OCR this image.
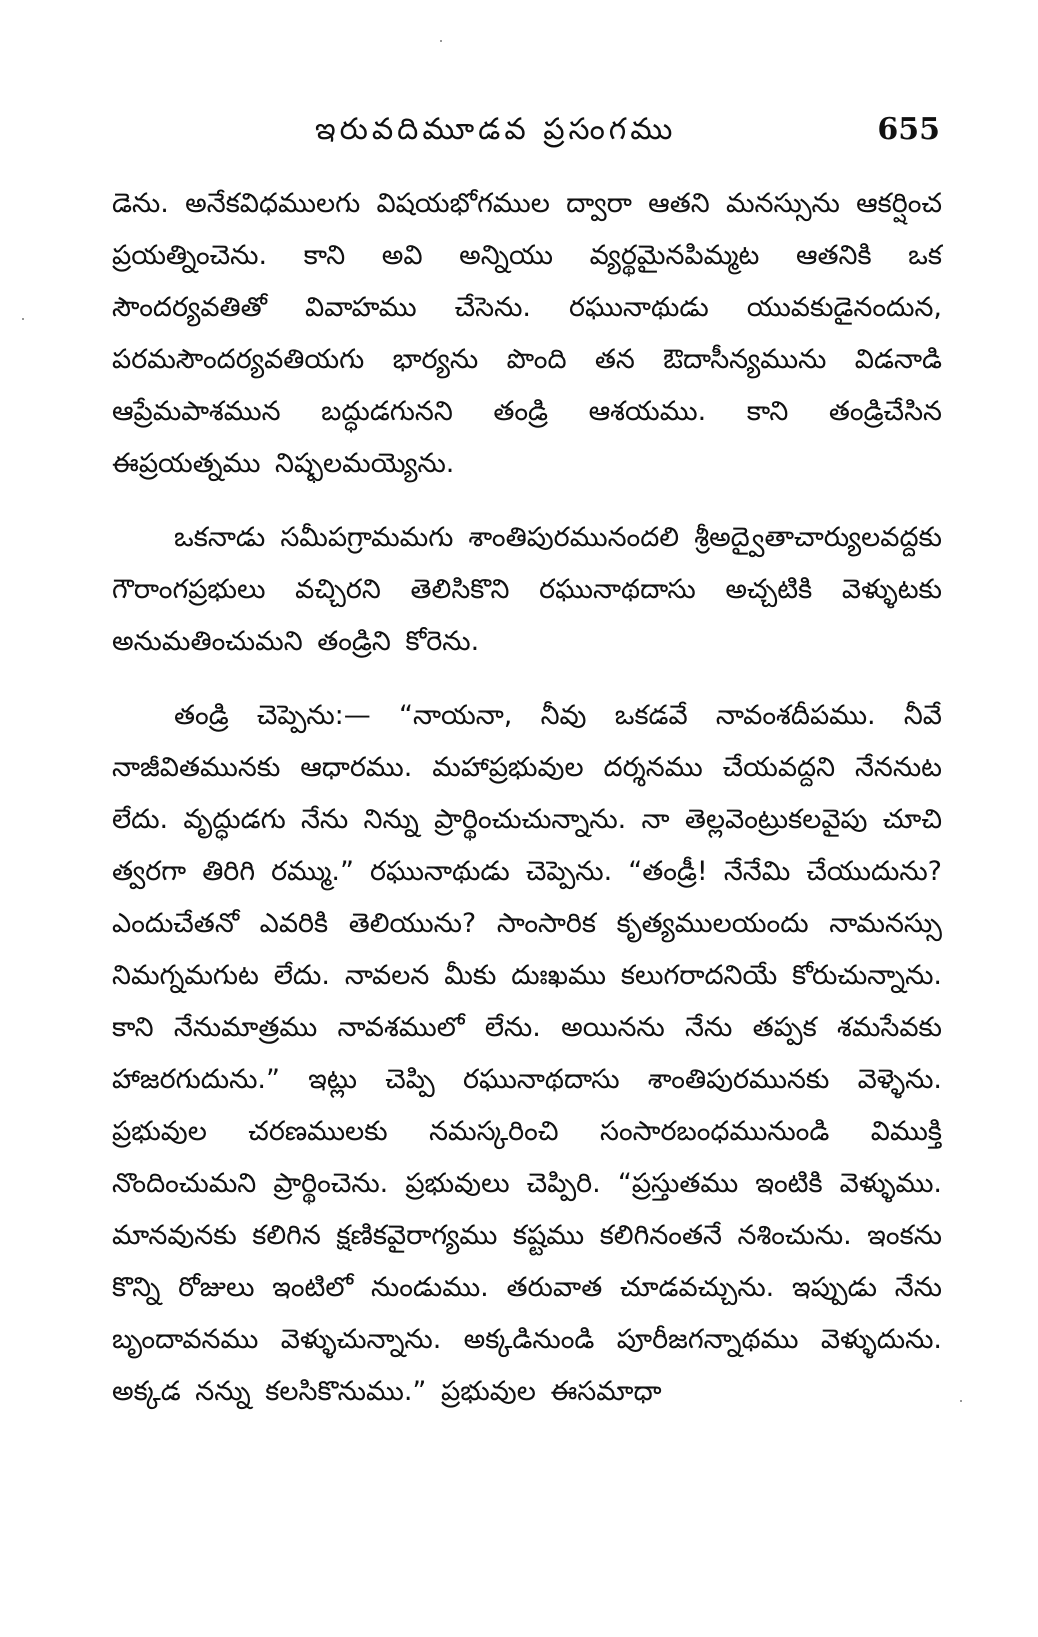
ఇరువదిమూడవ ప్రసంగము	655

డెను. అనేకవిధములగు విషయభోగముల ద్వారా ఆతని మనస్సును ఆకర్షించ ప్రయత్నించెను. కాని అవి అన్నియు వ్యర్థమైనపిమ్మట ఆతనికి ఒక సౌందర్యవతితో వివాహము చేసెను. రఘునాథుడు యువకుడైనందున, పరమసౌందర్యవతియగు భార్యను పొంది తన ఔదాసీన్యమును విడనాడి ఆప్రేమపాశమున బద్ధుడగునని తండ్రి ఆశయము. కాని తండ్రిచేసిన ఈప్రయత్నము నిష్ఫలమయ్యెను.

ఒకనాడు సమీపగ్రామమగు శాంతిపురమునందలి శ్రీఅద్వైతాచార్యులవద్దకు గౌరాంగప్రభులు వచ్చిరని తెలిసికొని రఘునాథదాసు అచ్చటికి వెళ్ళుటకు అనుమతించుమని తండ్రిని కోరెను.

తండ్రి చెప్పెను:— “నాయనా, నీవు ఒకడవే నావంశదీపము. నీవే నాజీవితమునకు ఆధారము. మహాప్రభువుల దర్శనము చేయవద్దని నేననుట లేదు. వృద్ధుడగు నేను నిన్ను ప్రార్థించుచున్నాను. నా తెల్లవెంట్రుకలవైపు చూచి త్వరగా తిరిగి రమ్ము.” రఘునాథుడు చెప్పెను. “తండ్రీ! నేనేమి చేయుదును? ఎందుచేతనో ఎవరికి తెలియును? సాంసారిక కృత్యములయందు నామనస్సు నిమగ్నమగుట లేదు. నావలన మీకు దుఃఖము కలుగరాదనియే కోరుచున్నాను. కాని నేనుమాత్రము నావశములో లేను. అయినను నేను తప్పక శమసేవకు హాజరగుదును.” ఇట్లు చెప్పి రఘునాథదాసు శాంతిపురమునకు వెళ్ళెను. ప్రభువుల చరణములకు నమస్కరించి సంసారబంధమునుండి విముక్తి నొందించుమని ప్రార్థించెను. ప్రభువులు చెప్పిరి. “ప్రస్తుతము ఇంటికి వెళ్ళుము. మానవునకు కలిగిన క్షణికవైరాగ్యము కష్టము కలిగినంతనే నశించును. ఇంకను కొన్ని రోజులు ఇంటిలో నుండుము. తరువాత చూడవచ్చును. ఇప్పుడు నేను బృందావనము వెళ్ళుచున్నాను. అక్కడినుండి పూరీజగన్నాథము వెళ్ళుదును. అక్కడ నన్ను కలసికొనుము.” ప్రభువుల ఈసమాధా
